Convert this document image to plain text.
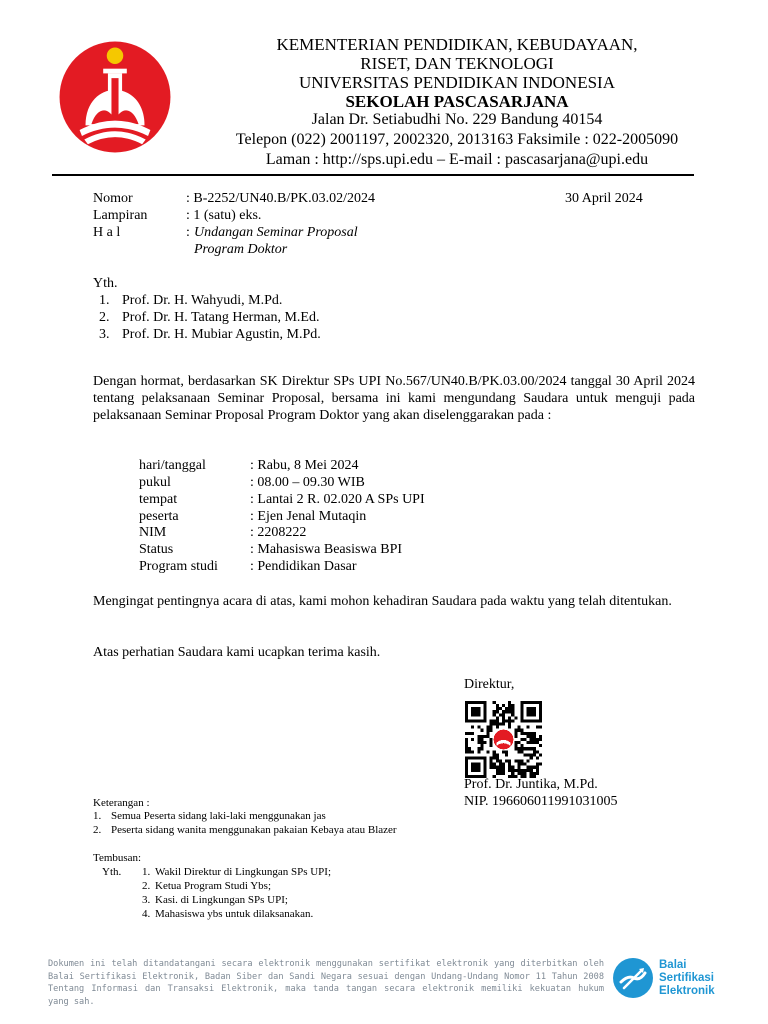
KEMENTERIAN PENDIDIKAN, KEBUDAYAAN,
RISET, DAN TEKNOLOGI
UNIVERSITAS PENDIDIKAN INDONESIA
SEKOLAH PASCASARJANA
Jalan Dr. Setiabudhi No. 229 Bandung 40154
Telepon (022) 2001197, 2002320, 2013163 Faksimile : 022-2005090
Laman : http://sps.upi.edu – E-mail : pascasarjana@upi.edu
Nomor	: B-2252/UN40.B/PK.03.02/2024	30 April 2024
Lampiran	: 1 (satu) eks.
H a l	: Undangan Seminar Proposal
Program Doktor
Yth.
1. Prof. Dr. H. Wahyudi, M.Pd.
2. Prof. Dr. H. Tatang Herman, M.Ed.
3. Prof. Dr. H. Mubiar Agustin, M.Pd.
Dengan hormat, berdasarkan SK Direktur SPs UPI No.567/UN40.B/PK.03.00/2024 tanggal 30 April 2024 tentang pelaksanaan Seminar Proposal, bersama ini kami mengundang Saudara untuk menguji pada pelaksanaan Seminar Proposal Program Doktor yang akan diselenggarakan pada :
hari/tanggal	: Rabu, 8 Mei 2024
pukul	: 08.00 – 09.30 WIB
tempat	: Lantai 2 R. 02.020 A SPs UPI
peserta	: Ejen Jenal Mutaqin
NIM	: 2208222
Status	: Mahasiswa Beasiswa BPI
Program studi : Pendidikan Dasar
Mengingat pentingnya acara di atas, kami mohon kehadiran Saudara pada waktu yang telah ditentukan.
Atas perhatian Saudara kami ucapkan terima kasih.
Direktur,
Prof. Dr. Juntika, M.Pd.
NIP. 196606011991031005
Keterangan :
1. Semua Peserta sidang laki-laki menggunakan jas
2. Peserta sidang wanita menggunakan pakaian Kebaya atau Blazer
Tembusan:
Yth. 1. Wakil Direktur di Lingkungan SPs UPI;
2. Ketua Program Studi Ybs;
3. Kasi. di Lingkungan SPs UPI;
4. Mahasiswa ybs untuk dilaksanakan.
Dokumen ini telah ditandatangani secara elektronik menggunakan sertifikat elektronik yang diterbitkan oleh Balai Sertifikasi Elektronik, Badan Siber dan Sandi Negara sesuai dengan Undang-Undang Nomor 11 Tahun 2008 Tentang Informasi dan Transaksi Elektronik, maka tanda tangan secara elektronik memiliki kekuatan hukum yang sah.
Balai
Sertifikasi
Elektronik
